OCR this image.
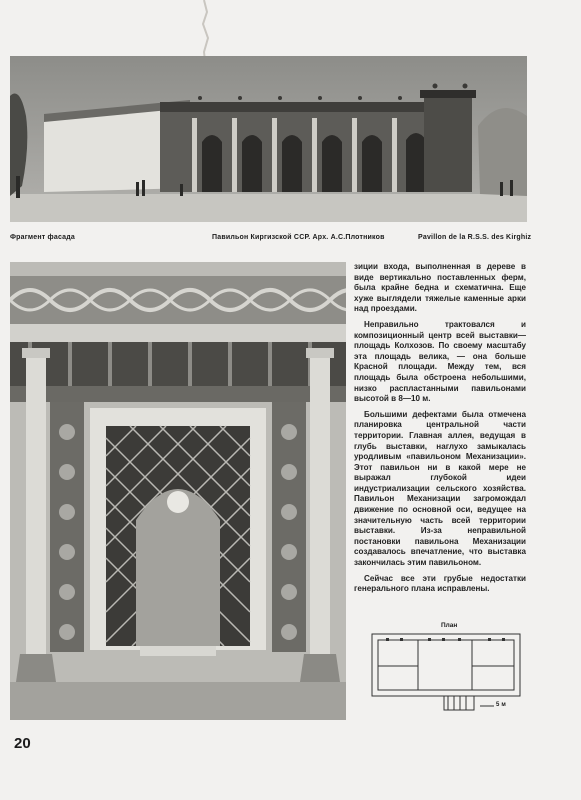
Фрагмент фасада	Павильон Киргизской ССР. Арх. А.С.Плотников	Pavillon de la R.S.S. des Kirghiz

зиции входа, выполненная в дереве в виде вертикально поставленных ферм, была крайне бедна и схематична. Еще хуже выглядели тяжелые каменные арки над проездами.

Неправильно трактовался и композиционный центр всей выставки— площадь Колхозов. По своему масштабу эта площадь велика, — она больше Красной площади. Между тем, вся площадь была обстроена небольшими, низко распластанными павильонами высотой в 8—10 м.

Большими дефектами была отмечена планировка центральной части территории. Главная аллея, ведущая в глубь выставки, наглухо замыкалась уродливым «павильоном Механизации». Этот павильон ни в какой мере не выражал глубокой идеи индустриализации сельского хозяйства. Павильон Механизации загромождал движение по основной оси, ведущее на значительную часть всей территории выставки. Из-за неправильной постановки павильона Механизации создавалось впечатление, что выставка закончилась этим павильоном.

Сейчас все эти грубые недостатки генерального плана исправлены.

План
5 м
20
